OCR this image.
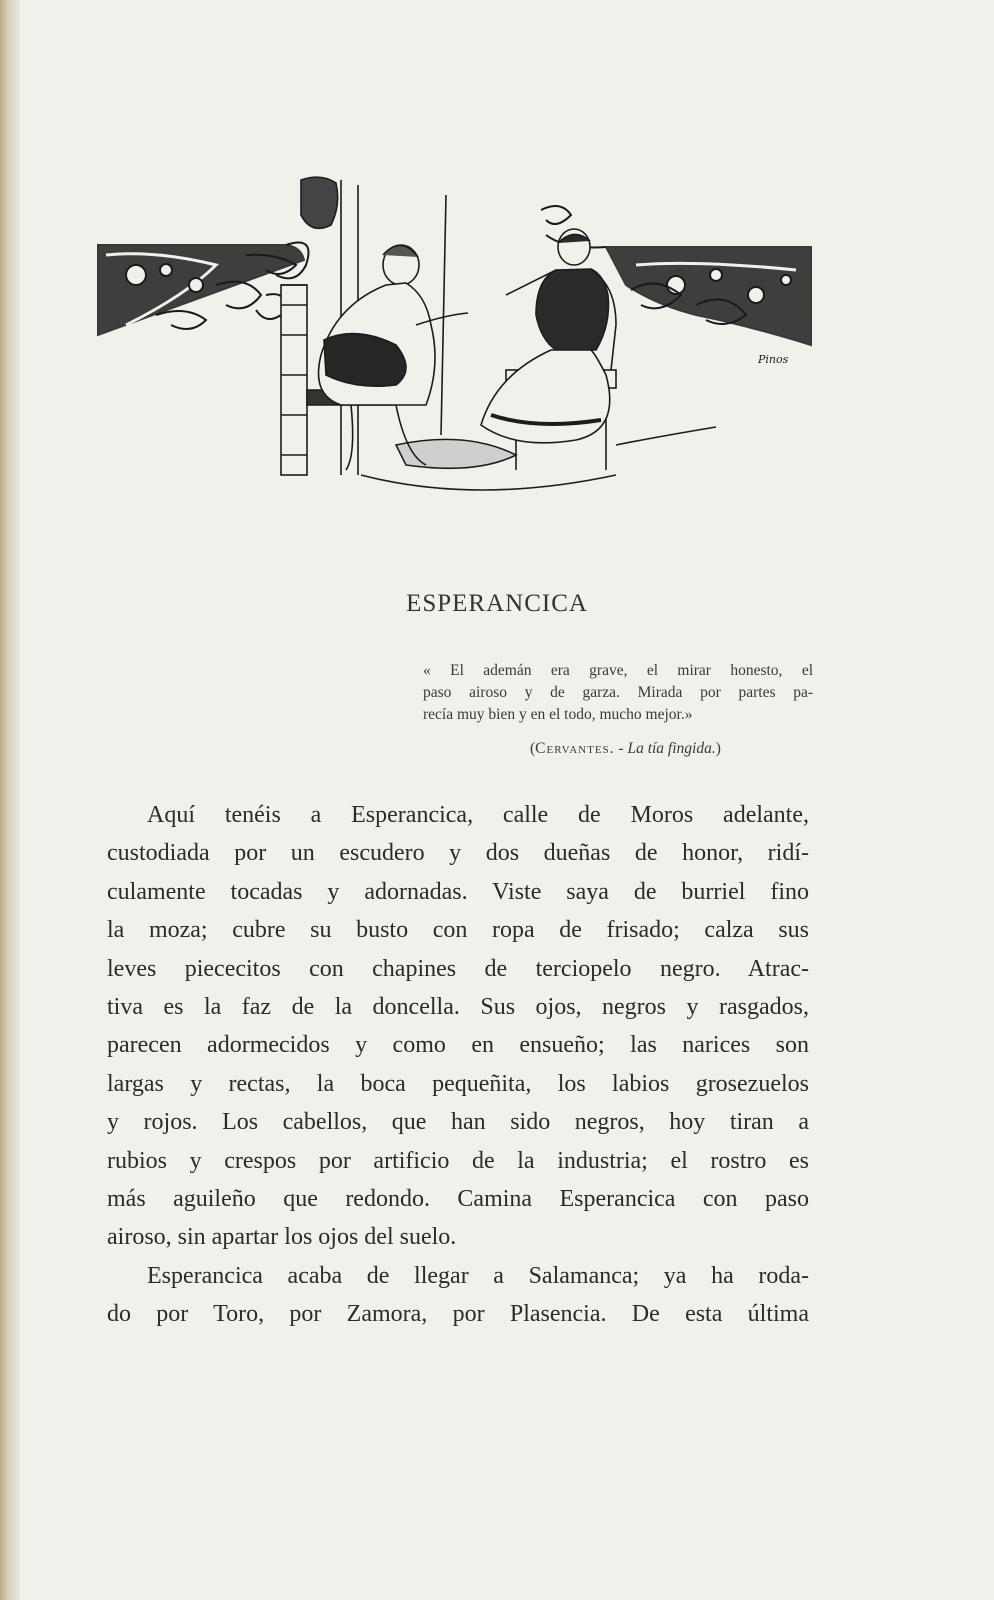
Pinos
ESPERANCICA
« El ademán era grave, el mirar honesto, el
paso airoso y de garza. Mirada por partes pa-
recía muy bien y en el todo, mucho mejor.»
(Cervantes. - La tía fingida.)
Aquí tenéis a Esperancica, calle de Moros adelante,
custodiada por un escudero y dos dueñas de honor, ridí-
culamente tocadas y adornadas. Viste saya de burriel fino
la moza; cubre su busto con ropa de frisado; calza sus
leves piececitos con chapines de terciopelo negro. Atrac-
tiva es la faz de la doncella. Sus ojos, negros y rasgados,
parecen adormecidos y como en ensueño; las narices son
largas y rectas, la boca pequeñita, los labios grosezuelos
y rojos. Los cabellos, que han sido negros, hoy tiran a
rubios y crespos por artificio de la industria; el rostro es
más aguileño que redondo. Camina Esperancica con paso
airoso, sin apartar los ojos del suelo.
Esperancica acaba de llegar a Salamanca; ya ha roda-
do por Toro, por Zamora, por Plasencia. De esta última
